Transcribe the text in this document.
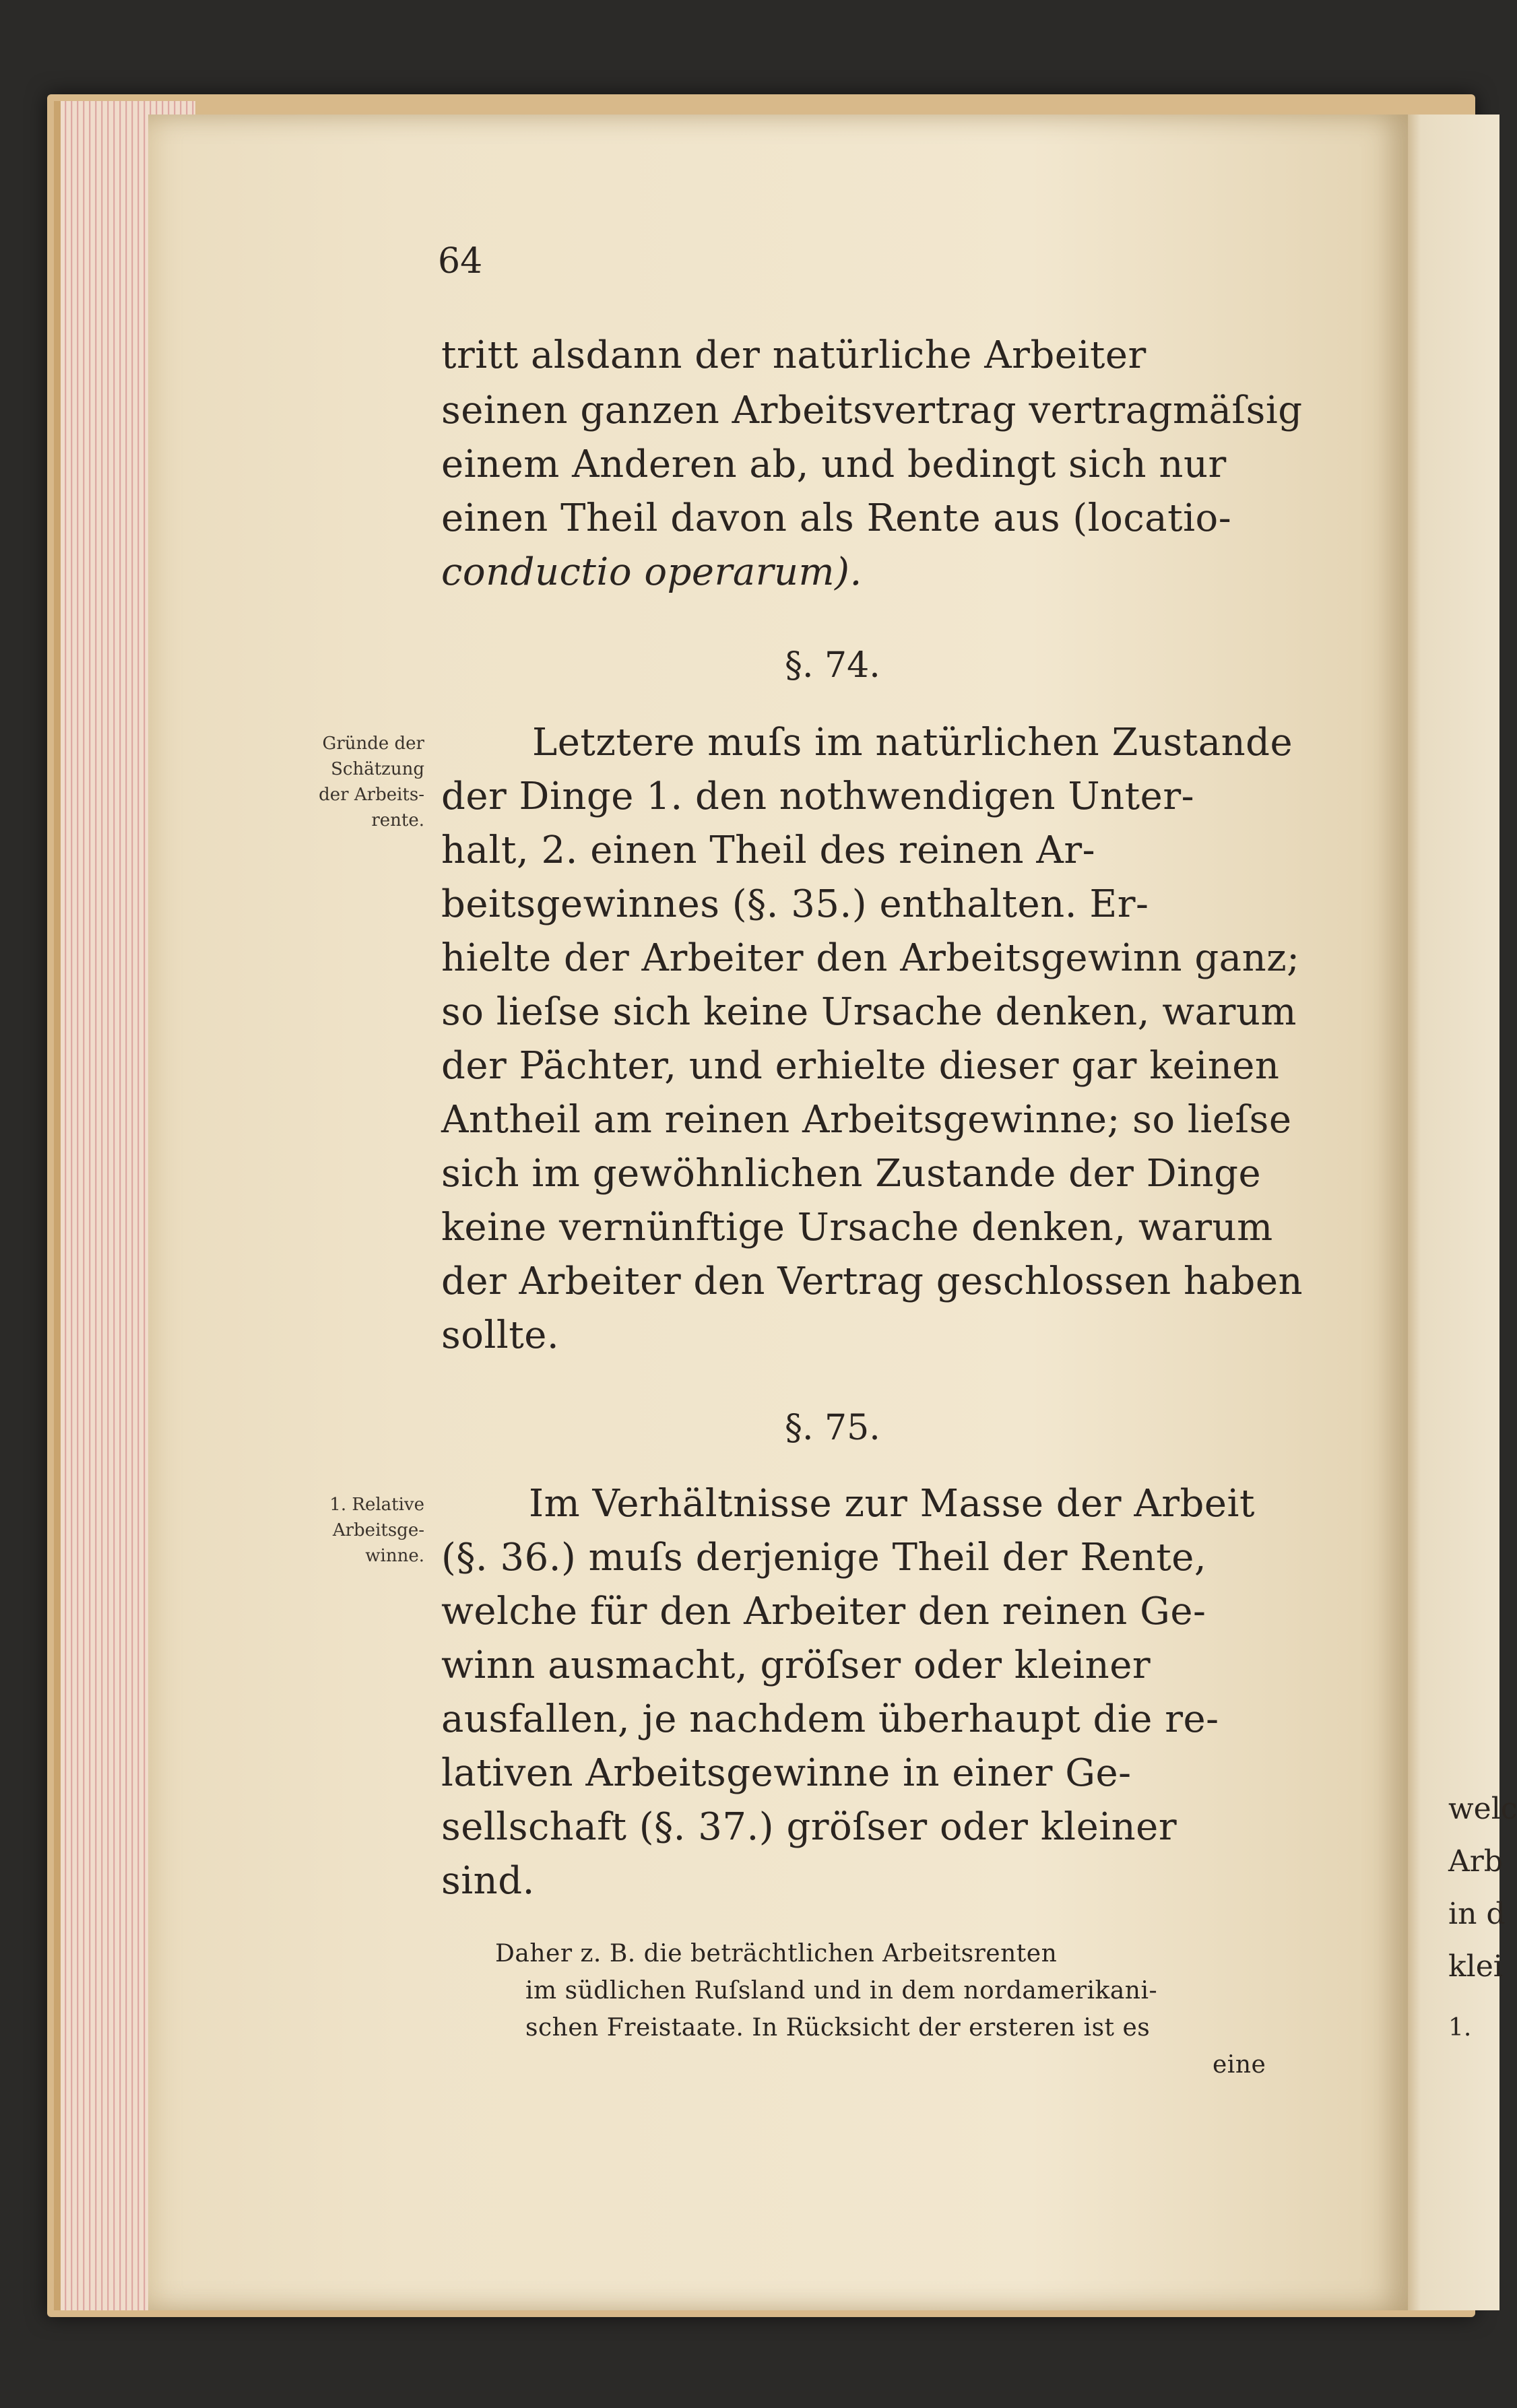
welc
Arb
in d
klei
1.
64
tritt alsdann der natürliche Arbeiter
seinen ganzen Arbeitsvertrag vertragmäſsig
einem Anderen ab, und bedingt sich nur
einen Theil davon als Rente aus (locatio-
conductio operarum).
§. 74.
Gründe der
Schätzung
der Arbeits-
rente.
Letztere muſs im natürlichen Zustande
der Dinge 1. den nothwendigen Unter-
halt, 2. einen Theil des reinen Ar-
beitsgewinnes (§. 35.) enthalten. Er-
hielte der Arbeiter den Arbeitsgewinn ganz;
so lieſse sich keine Ursache denken, warum
der Pächter, und erhielte dieser gar keinen
Antheil am reinen Arbeitsgewinne; so lieſse
sich im gewöhnlichen Zustande der Dinge
keine vernünftige Ursache denken, warum
der Arbeiter den Vertrag geschlossen haben
sollte.
§. 75.
1. Relative
Arbeitsge-
winne.
Im Verhältnisse zur Masse der Arbeit
(§. 36.) muſs derjenige Theil der Rente,
welche für den Arbeiter den reinen Ge-
winn ausmacht, gröſser oder kleiner
ausfallen, je nachdem überhaupt die re-
lativen Arbeitsgewinne in einer Ge-
sellschaft (§. 37.) gröſser oder kleiner
sind.
Daher z. B. die beträchtlichen Arbeitsrenten
im südlichen Ruſsland und in dem nordamerikani-
schen Freistaate. In Rücksicht der ersteren ist es
eine
